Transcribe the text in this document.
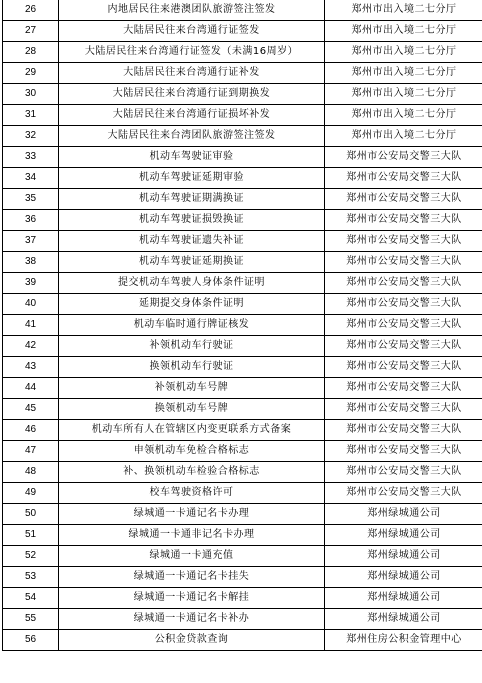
26	内地居民往来港澳团队旅游签注签发	郑州市出入境二七分厅
27	大陆居民往来台湾通行证签发	郑州市出入境二七分厅
28	大陆居民往来台湾通行证签发（未满16周岁）	郑州市出入境二七分厅
29	大陆居民往来台湾通行证补发	郑州市出入境二七分厅
30	大陆居民往来台湾通行证到期换发	郑州市出入境二七分厅
31	大陆居民往来台湾通行证损坏补发	郑州市出入境二七分厅
32	大陆居民往来台湾团队旅游签注签发	郑州市出入境二七分厅
33	机动车驾驶证审验	郑州市公安局交警三大队
34	机动车驾驶证延期审验	郑州市公安局交警三大队
35	机动车驾驶证期满换证	郑州市公安局交警三大队
36	机动车驾驶证损毁换证	郑州市公安局交警三大队
37	机动车驾驶证遗失补证	郑州市公安局交警三大队
38	机动车驾驶证延期换证	郑州市公安局交警三大队
39	提交机动车驾驶人身体条件证明	郑州市公安局交警三大队
40	延期提交身体条件证明	郑州市公安局交警三大队
41	机动车临时通行牌证核发	郑州市公安局交警三大队
42	补领机动车行驶证	郑州市公安局交警三大队
43	换领机动车行驶证	郑州市公安局交警三大队
44	补领机动车号牌	郑州市公安局交警三大队
45	换领机动车号牌	郑州市公安局交警三大队
46	机动车所有人在管辖区内变更联系方式备案	郑州市公安局交警三大队
47	申领机动车免检合格标志	郑州市公安局交警三大队
48	补、换领机动车检验合格标志	郑州市公安局交警三大队
49	校车驾驶资格许可	郑州市公安局交警三大队
50	绿城通一卡通记名卡办理	郑州绿城通公司
51	绿城通一卡通非记名卡办理	郑州绿城通公司
52	绿城通一卡通充值	郑州绿城通公司
53	绿城通一卡通记名卡挂失	郑州绿城通公司
54	绿城通一卡通记名卡解挂	郑州绿城通公司
55	绿城通一卡通记名卡补办	郑州绿城通公司
56	公积金贷款查询	郑州住房公积金管理中心
